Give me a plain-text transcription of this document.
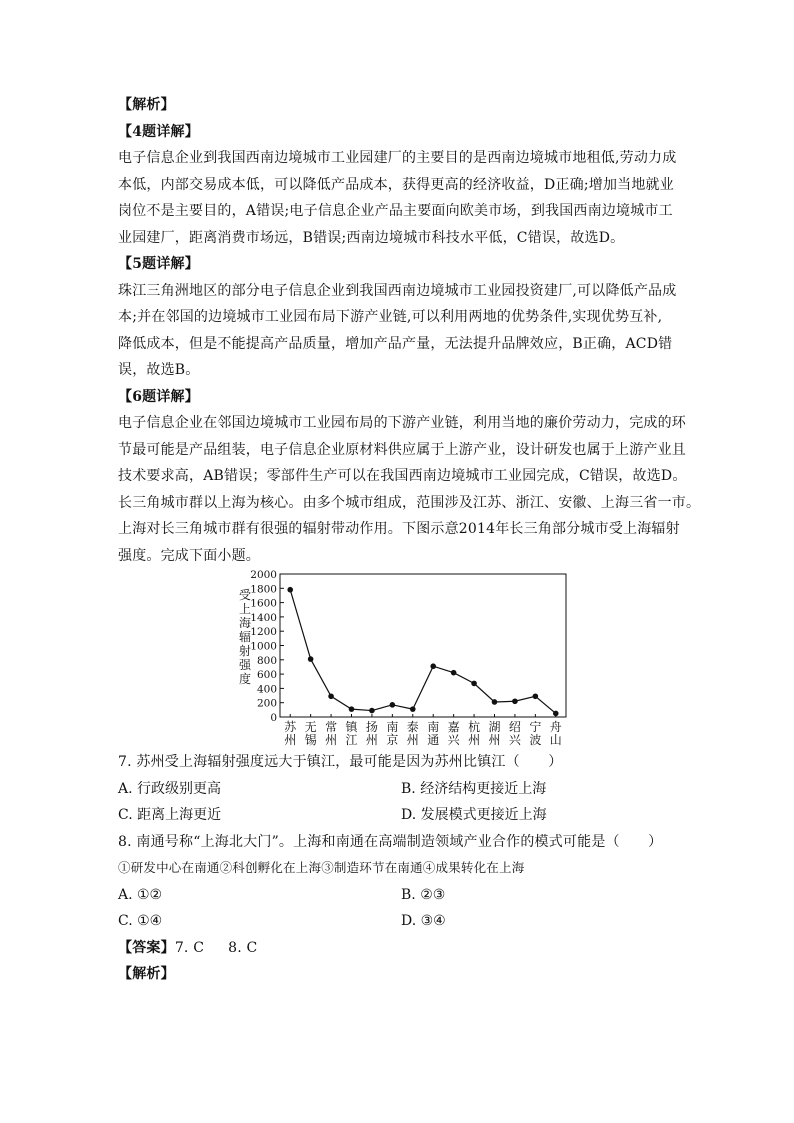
【解析】
【4题详解】
电子信息企业到我国西南边境城市工业园建厂的主要目的是西南边境城市地租低,劳动力成
本低，内部交易成本低，可以降低产品成本，获得更高的经济收益，D正确;增加当地就业
岗位不是主要目的，A错误;电子信息企业产品主要面向欧美市场，到我国西南边境城市工
业园建厂，距离消费市场远，B错误;西南边境城市科技水平低，C错误，故选D。
【5题详解】
珠江三角洲地区的部分电子信息企业到我国西南边境城市工业园投资建厂,可以降低产品成
本;并在邻国的边境城市工业园布局下游产业链,可以利用两地的优势条件,实现优势互补,
降低成本，但是不能提高产品质量，增加产品产量，无法提升品牌效应，B正确，ACD错
误，故选B。
【6题详解】
电子信息企业在邻国边境城市工业园布局的下游产业链，利用当地的廉价劳动力，完成的环
节最可能是产品组装，电子信息企业原材料供应属于上游产业，设计研发也属于上游产业且
技术要求高，AB错误；零部件生产可以在我国西南边境城市工业园完成，C错误，故选D。
长三角城市群以上海为核心。由多个城市组成，范围涉及江苏、浙江、安徽、上海三省一市。
上海对长三角城市群有很强的辐射带动作用。下图示意2014年长三角部分城市受上海辐射
强度。完成下面小题。
0
200
400
600
800
1000
1200
1400
1600
1800
2000
受上海辐射强度
苏州
无锡
常州
镇江
扬州
南京
泰州
南通
嘉兴
杭州
湖州
绍兴
宁波
舟山
7. 苏州受上海辐射强度远大于镇江，最可能是因为苏州比镇江（　　）
A. 行政级别更高	B. 经济结构更接近上海
C. 距离上海更近	D. 发展模式更接近上海
8. 南通号称“上海北大门”。上海和南通在高端制造领域产业合作的模式可能是（　　）
①研发中心在南通②科创孵化在上海③制造环节在南通④成果转化在上海
A. ①②	B. ②③
C. ①④	D. ③④
【答案】7. C 8. C
【解析】
